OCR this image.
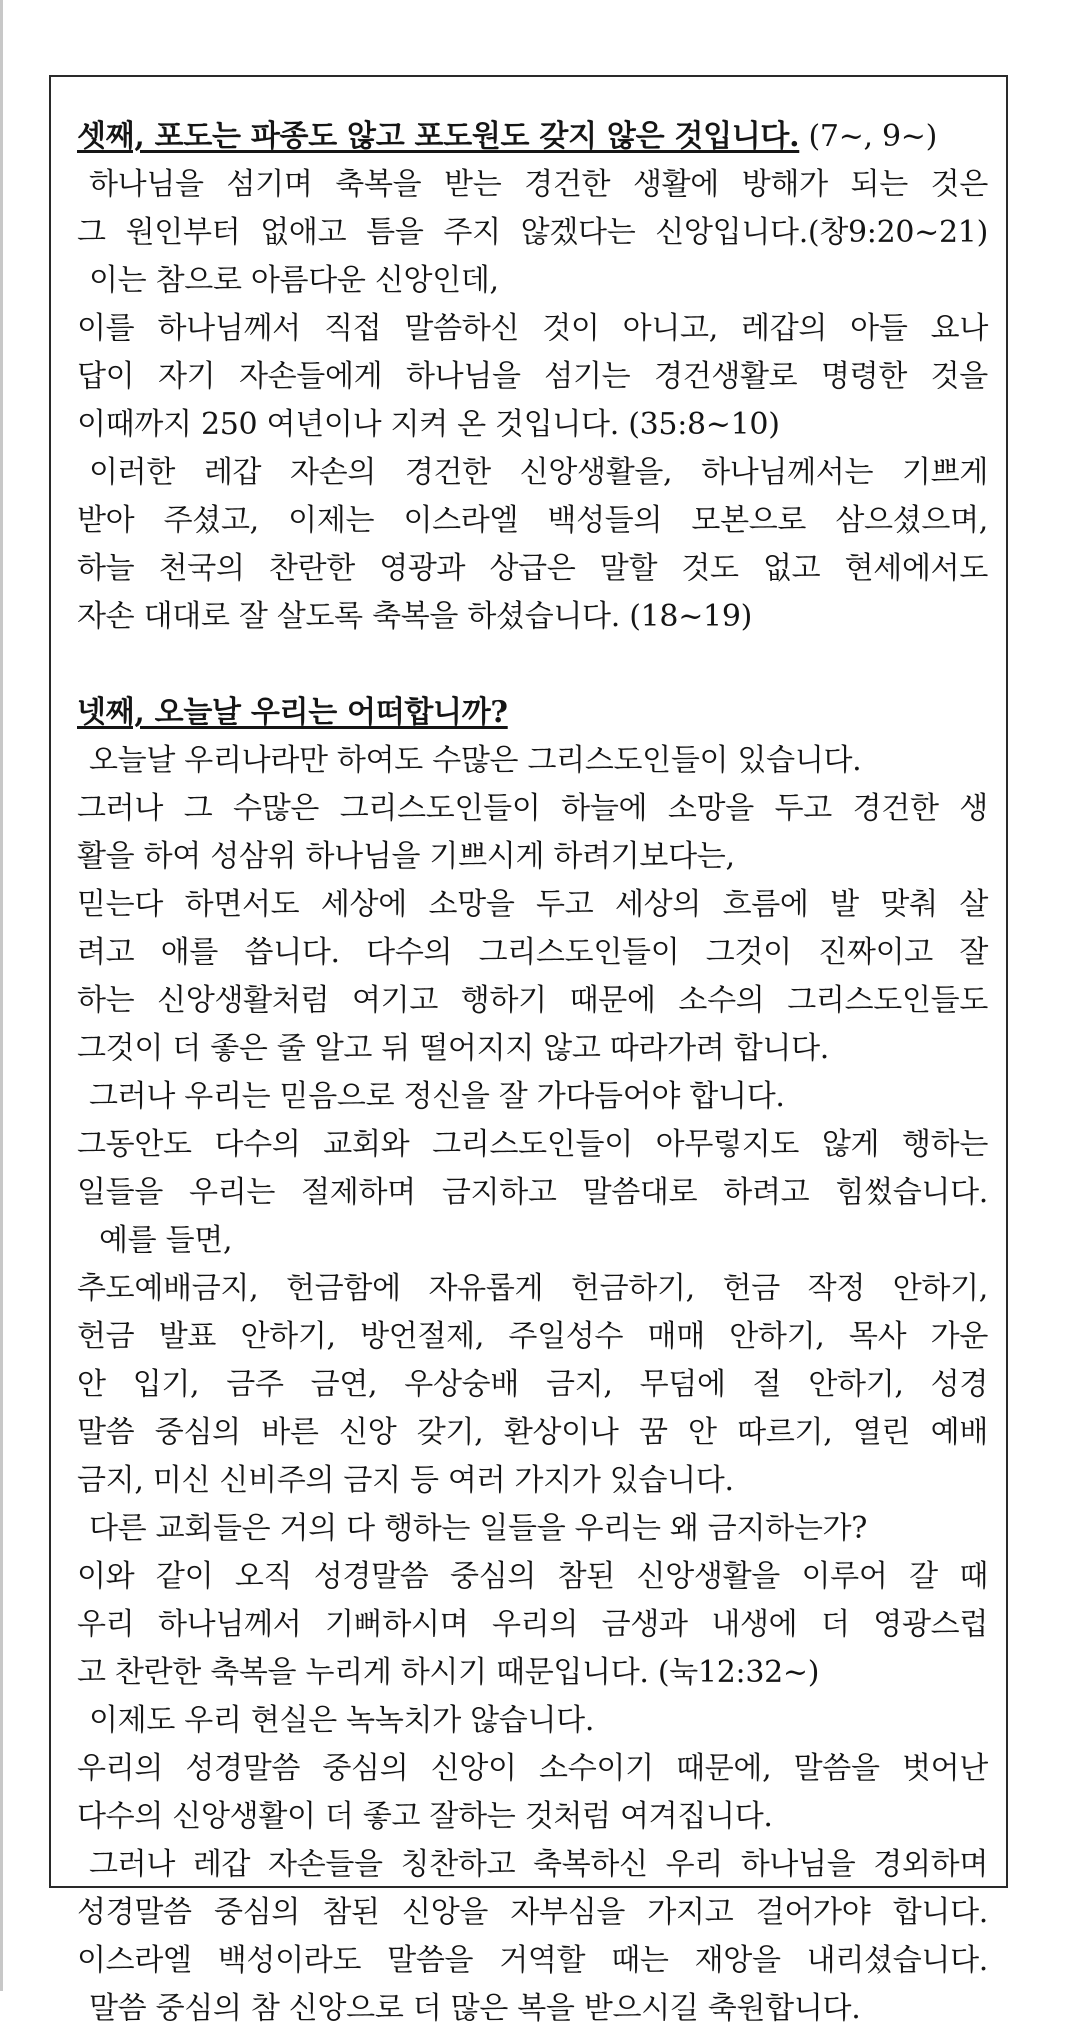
셋째, 포도는 파종도 않고 포도원도 갖지 않은 것입니다. (7~, 9~)
하나님을 섬기며 축복을 받는 경건한 생활에 방해가 되는 것은
그 원인부터 없애고 틈을 주지 않겠다는 신앙입니다.(창9:20~21)
이는 참으로 아름다운 신앙인데,
이를 하나님께서 직접 말씀하신 것이 아니고, 레갑의 아들 요나
답이 자기 자손들에게 하나님을 섬기는 경건생활로 명령한 것을
이때까지 250 여년이나 지켜 온 것입니다. (35:8~10)
이러한 레갑 자손의 경건한 신앙생활을, 하나님께서는 기쁘게
받아 주셨고, 이제는 이스라엘 백성들의 모본으로 삼으셨으며,
하늘 천국의 찬란한 영광과 상급은 말할 것도 없고 현세에서도
자손 대대로 잘 살도록 축복을 하셨습니다. (18~19)
넷째, 오늘날 우리는 어떠합니까?
오늘날 우리나라만 하여도 수많은 그리스도인들이 있습니다.
그러나 그 수많은 그리스도인들이 하늘에 소망을 두고 경건한 생
활을 하여 성삼위 하나님을 기쁘시게 하려기보다는,
믿는다 하면서도 세상에 소망을 두고 세상의 흐름에 발 맞춰 살
려고 애를 씁니다. 다수의 그리스도인들이 그것이 진짜이고 잘
하는 신앙생활처럼 여기고 행하기 때문에 소수의 그리스도인들도
그것이 더 좋은 줄 알고 뒤 떨어지지 않고 따라가려 합니다.
그러나 우리는 믿음으로 정신을 잘 가다듬어야 합니다.
그동안도 다수의 교회와 그리스도인들이 아무렇지도 않게 행하는
일들을 우리는 절제하며 금지하고 말씀대로 하려고 힘썼습니다.
예를 들면,
추도예배금지, 헌금함에 자유롭게 헌금하기, 헌금 작정 안하기,
헌금 발표 안하기, 방언절제, 주일성수 매매 안하기, 목사 가운
안 입기, 금주 금연, 우상숭배 금지, 무덤에 절 안하기, 성경
말씀 중심의 바른 신앙 갖기, 환상이나 꿈 안 따르기, 열린 예배
금지, 미신 신비주의 금지 등 여러 가지가 있습니다.
다른 교회들은 거의 다 행하는 일들을 우리는 왜 금지하는가?
이와 같이 오직 성경말씀 중심의 참된 신앙생활을 이루어 갈 때
우리 하나님께서 기뻐하시며 우리의 금생과 내생에 더 영광스럽
고 찬란한 축복을 누리게 하시기 때문입니다. (눅12:32~)
이제도 우리 현실은 녹녹치가 않습니다.
우리의 성경말씀 중심의 신앙이 소수이기 때문에, 말씀을 벗어난
다수의 신앙생활이 더 좋고 잘하는 것처럼 여겨집니다.
그러나 레갑 자손들을 칭찬하고 축복하신 우리 하나님을 경외하며
성경말씀 중심의 참된 신앙을 자부심을 가지고 걸어가야 합니다.
이스라엘 백성이라도 말씀을 거역할 때는 재앙을 내리셨습니다.
말씀 중심의 참 신앙으로 더 많은 복을 받으시길 축원합니다.
